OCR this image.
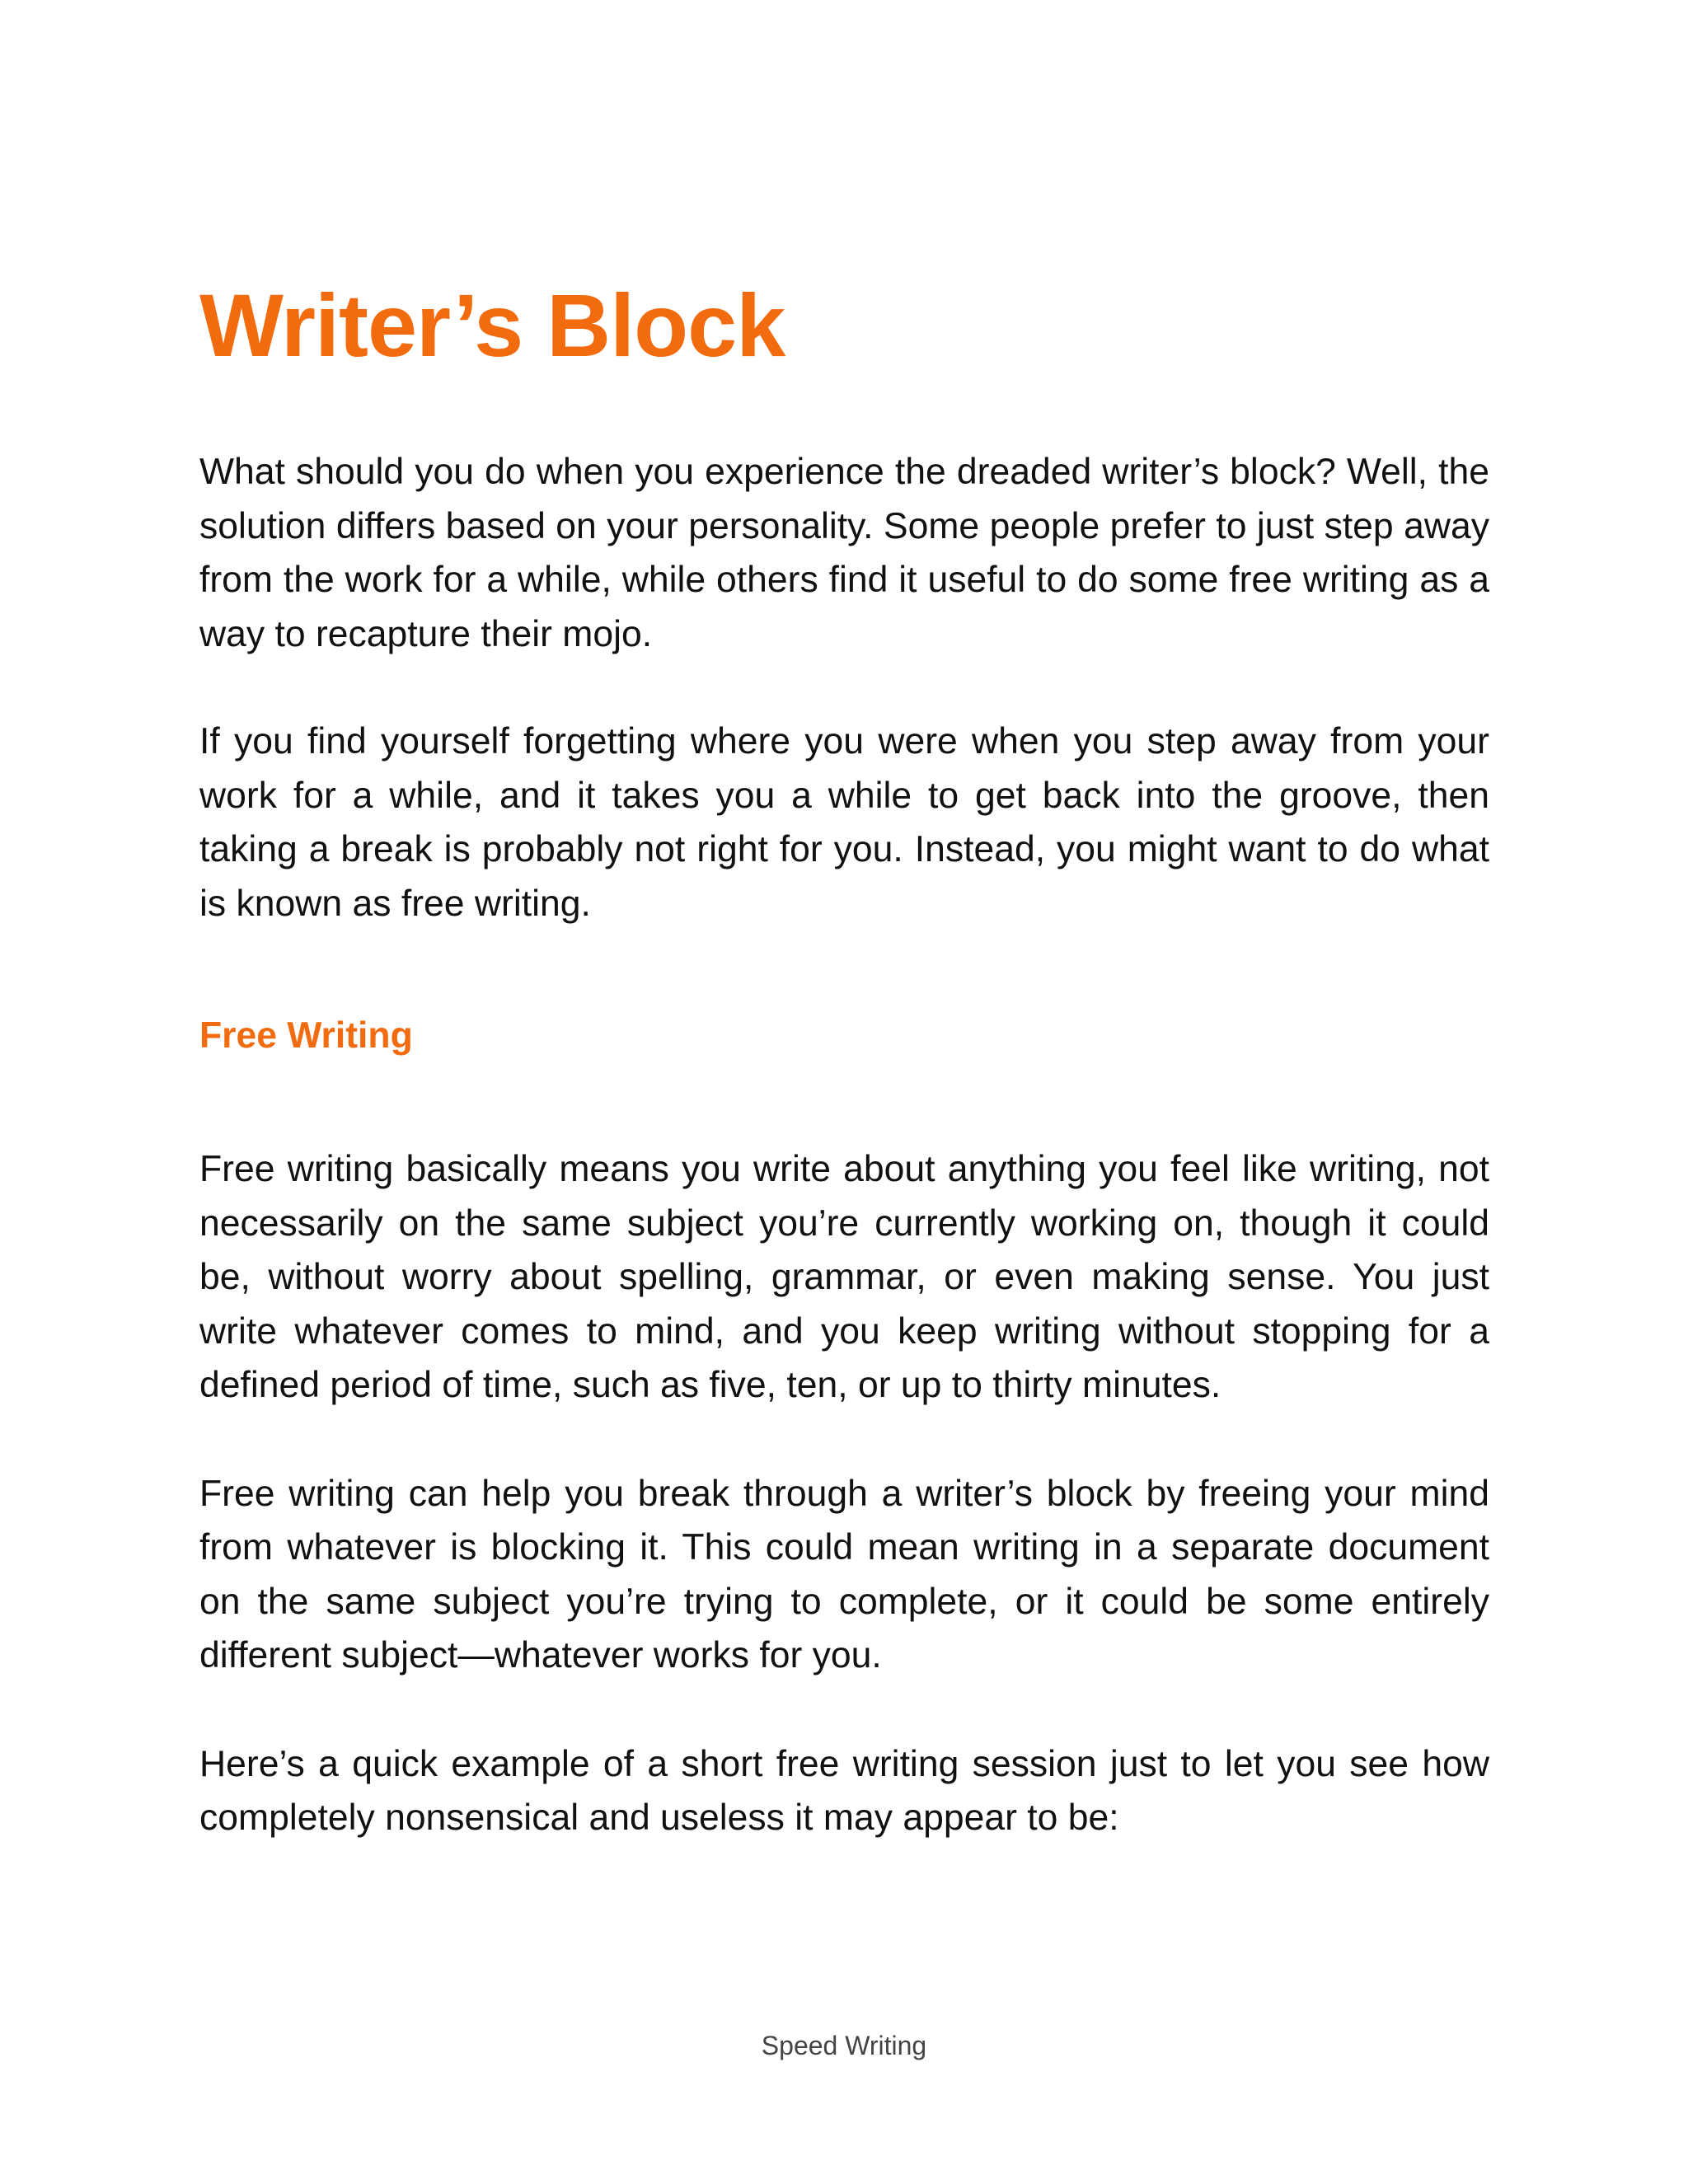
Writer’s Block

What should you do when you experience the dreaded writer’s block? Well, the solution differs based on your personality. Some people prefer to just step away from the work for a while, while others find it useful to do some free writing as a way to recapture their mojo.

If you find yourself forgetting where you were when you step away from your work for a while, and it takes you a while to get back into the groove, then taking a break is probably not right for you. Instead, you might want to do what is known as free writing.

Free Writing

Free writing basically means you write about anything you feel like writing, not necessarily on the same subject you’re currently working on, though it could be, without worry about spelling, grammar, or even making sense. You just write whatever comes to mind, and you keep writing without stopping for a defined period of time, such as five, ten, or up to thirty minutes.

Free writing can help you break through a writer’s block by freeing your mind from whatever is blocking it. This could mean writing in a separate document on the same subject you’re trying to complete, or it could be some entirely different subject—whatever works for you.

Here’s a quick example of a short free writing session just to let you see how completely nonsensical and useless it may appear to be:

Speed Writing
